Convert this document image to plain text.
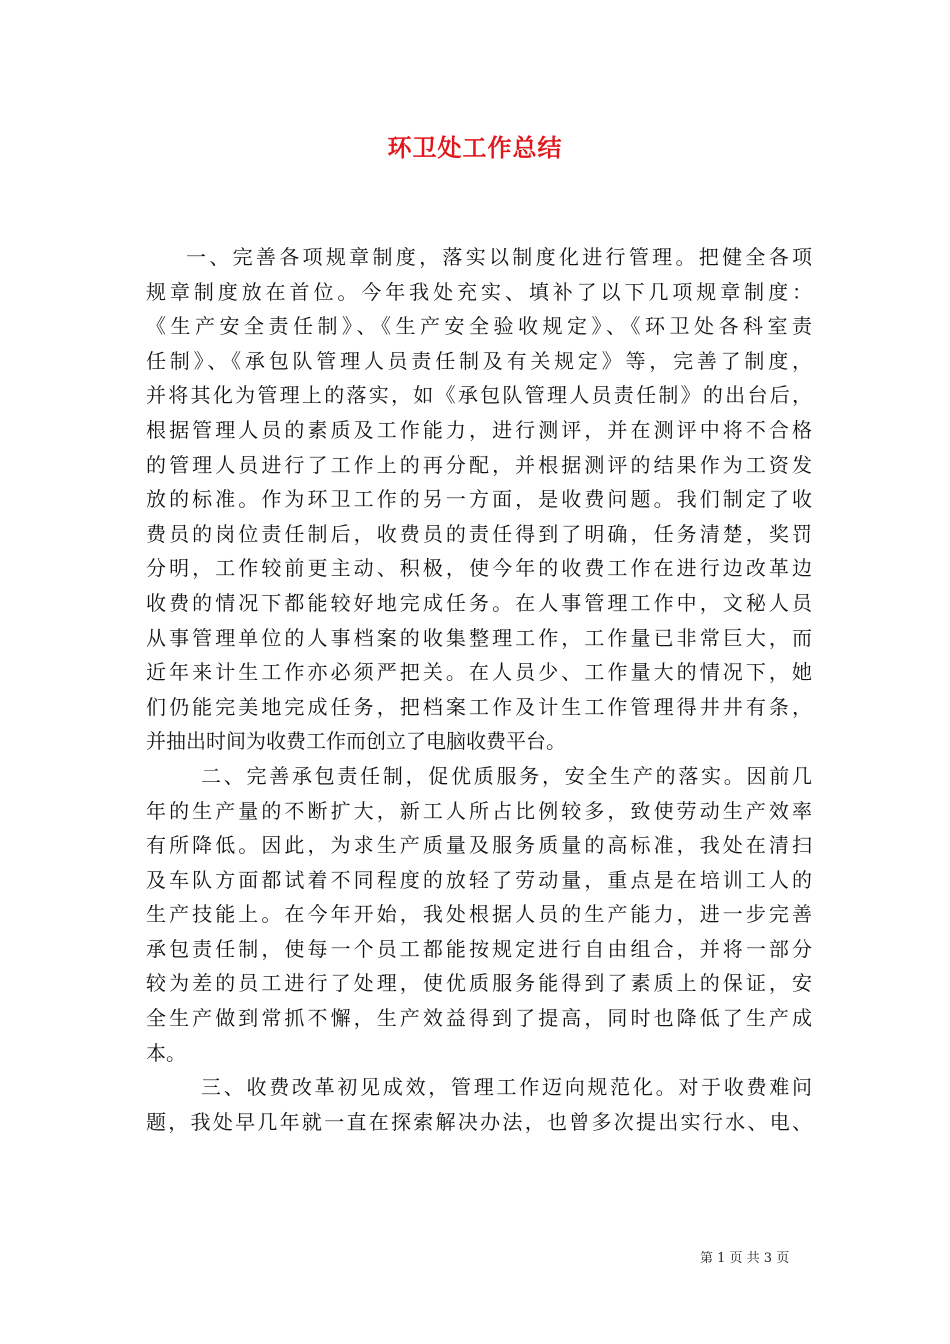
环卫处工作总结
一、完善各项规章制度，落实以制度化进行管理。把健全各项
规章制度放在首位。今年我处充实、填补了以下几项规章制度：
《生产安全责任制》、《生产安全验收规定》、《环卫处各科室责
任制》、《承包队管理人员责任制及有关规定》等，完善了制度，
并将其化为管理上的落实，如《承包队管理人员责任制》的出台后，
根据管理人员的素质及工作能力，进行测评，并在测评中将不合格
的管理人员进行了工作上的再分配，并根据测评的结果作为工资发
放的标准。作为环卫工作的另一方面，是收费问题。我们制定了收
费员的岗位责任制后，收费员的责任得到了明确，任务清楚，奖罚
分明，工作较前更主动、积极，使今年的收费工作在进行边改革边
收费的情况下都能较好地完成任务。在人事管理工作中，文秘人员
从事管理单位的人事档案的收集整理工作，工作量已非常巨大，而
近年来计生工作亦必须严把关。在人员少、工作量大的情况下，她
们仍能完美地完成任务，把档案工作及计生工作管理得井井有条，
并抽出时间为收费工作而创立了电脑收费平台。
二、完善承包责任制，促优质服务，安全生产的落实。因前几
年的生产量的不断扩大，新工人所占比例较多，致使劳动生产效率
有所降低。因此，为求生产质量及服务质量的高标准，我处在清扫
及车队方面都试着不同程度的放轻了劳动量，重点是在培训工人的
生产技能上。在今年开始，我处根据人员的生产能力，进一步完善
承包责任制，使每一个员工都能按规定进行自由组合，并将一部分
较为差的员工进行了处理，使优质服务能得到了素质上的保证，安
全生产做到常抓不懈，生产效益得到了提高，同时也降低了生产成
本。
三、收费改革初见成效，管理工作迈向规范化。对于收费难问
题，我处早几年就一直在探索解决办法，也曾多次提出实行水、电、
第 1 页 共 3 页
